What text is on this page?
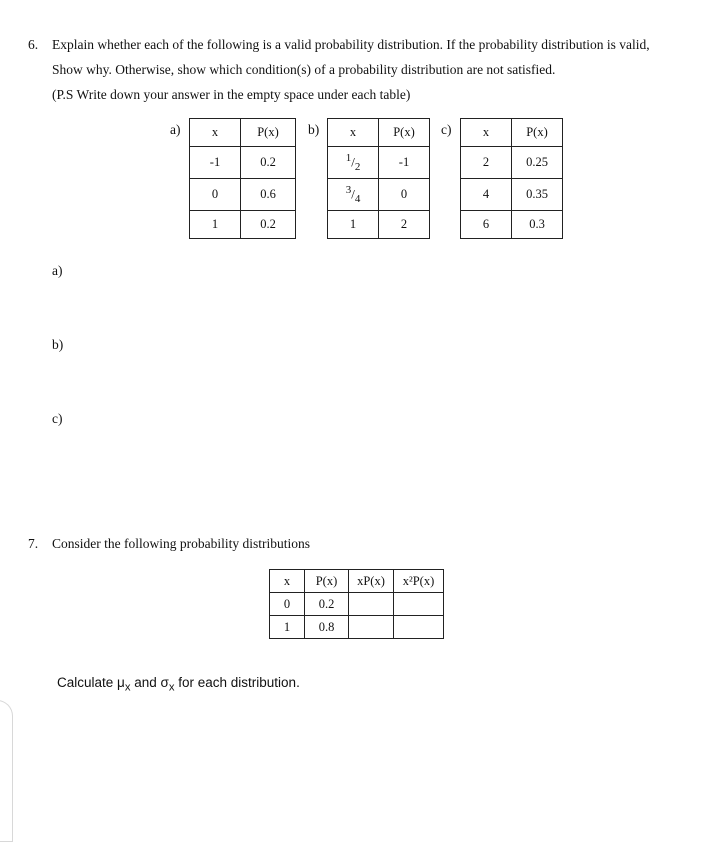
6. Explain whether each of the following is a valid probability distribution. If the probability distribution is valid,
Show why. Otherwise, show which condition(s) of a probability distribution are not satisfied.
(P.S Write down your answer in the empty space under each table)
a)	x	P(x)
-1	0.2
0	0.6
1	0.2
b) x	P(x)
$^1/_2$	-1
$^3/_4$	0
1	2
c)	x	P(x)
2	0.25
4	0.35
6	0.3
a)
b)
c)
7. Consider the following probability distributions
x	P(x)	xP(x)	x²P(x)
0	0.2		
1	0.8		
Calculate $\mu_x$ and $\sigma_x$ for each distribution.
